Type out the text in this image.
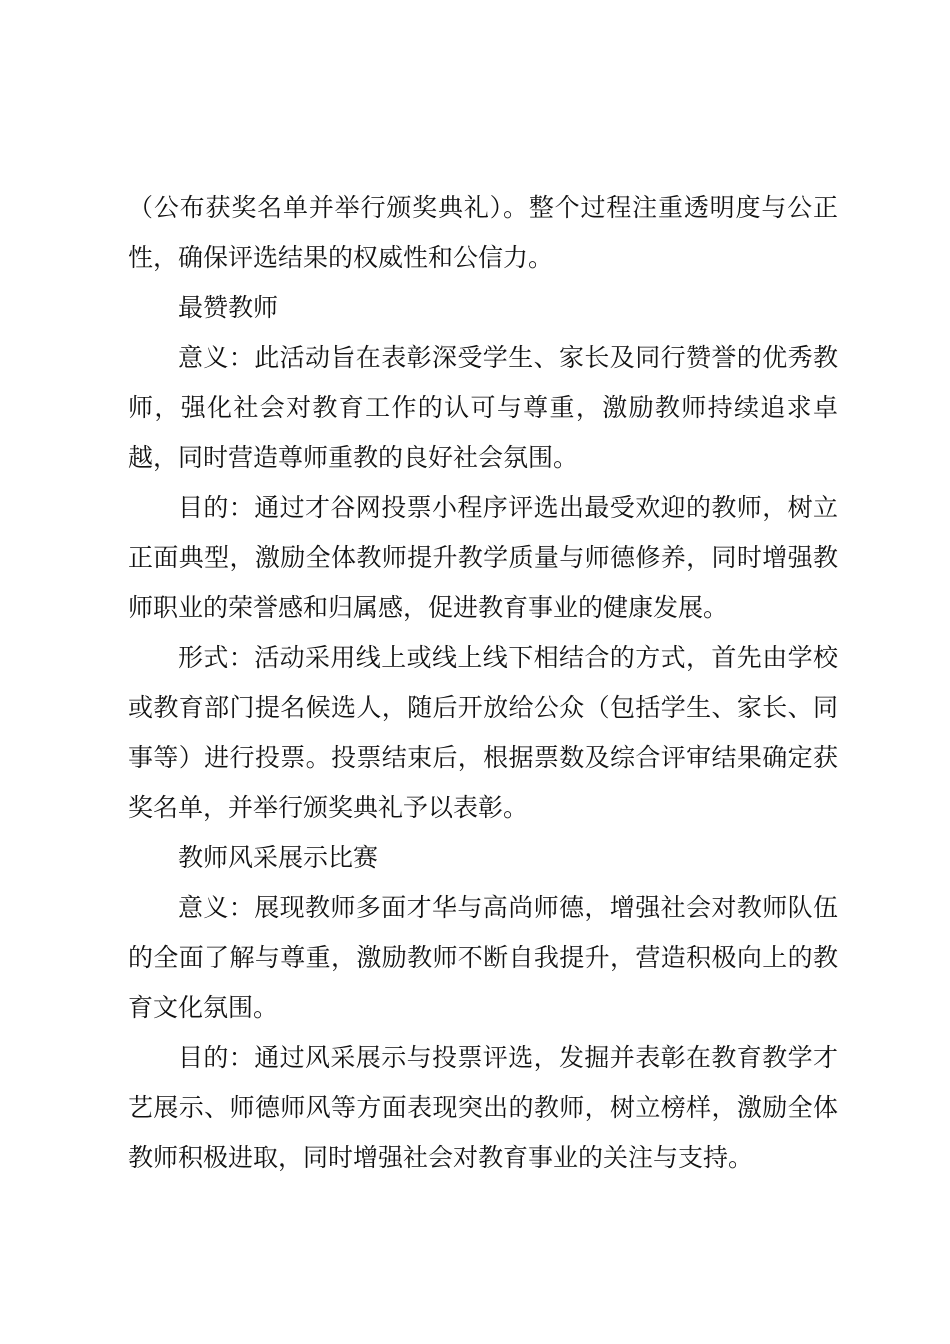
（公布获奖名单并举行颁奖典礼）。整个过程注重透明度与公正性，确保评选结果的权威性和公信力。

最赞教师

意义：此活动旨在表彰深受学生、家长及同行赞誉的优秀教师，强化社会对教育工作的认可与尊重，激励教师持续追求卓越，同时营造尊师重教的良好社会氛围。

目的：通过才谷网投票小程序评选出最受欢迎的教师，树立正面典型，激励全体教师提升教学质量与师德修养，同时增强教师职业的荣誉感和归属感，促进教育事业的健康发展。

形式：活动采用线上或线上线下相结合的方式，首先由学校或教育部门提名候选人，随后开放给公众（包括学生、家长、同事等）进行投票。投票结束后，根据票数及综合评审结果确定获奖名单，并举行颁奖典礼予以表彰。

教师风采展示比赛

意义：展现教师多面才华与高尚师德，增强社会对教师队伍的全面了解与尊重，激励教师不断自我提升，营造积极向上的教育文化氛围。

目的：通过风采展示与投票评选，发掘并表彰在教育教学才艺展示、师德师风等方面表现突出的教师，树立榜样，激励全体教师积极进取，同时增强社会对教育事业的关注与支持。
